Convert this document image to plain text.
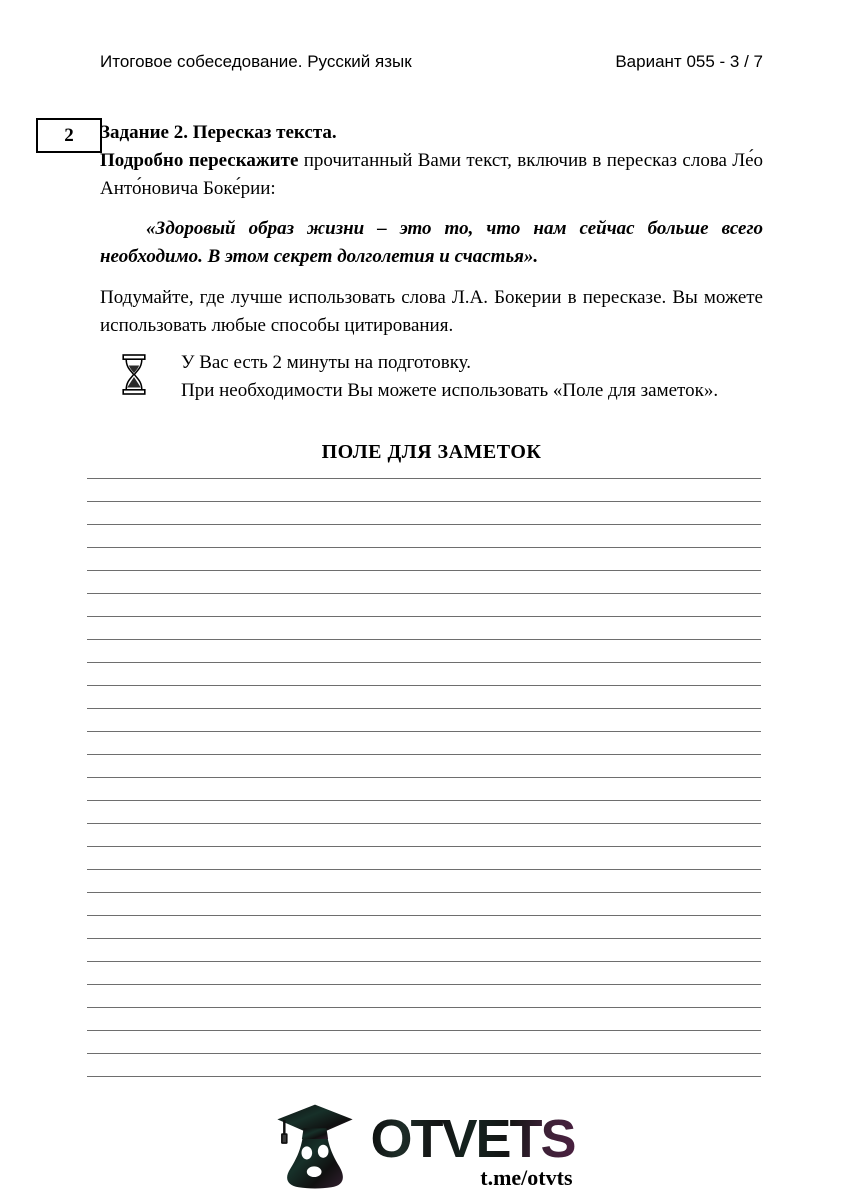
Итоговое собеседование. Русский язык	Вариант 055 - 3 / 7
2 Задание 2. Пересказ текста.

Подробно перескажите прочитанный Вами текст, включив в пересказ слова Ле́о Анто́новича Боке́рии:

«Здоровый образ жизни – это то, что нам сейчас больше всего необходимо. В этом секрет долголетия и счастья».

Подумайте, где лучше использовать слова Л.А. Бокерии в пересказе. Вы можете использовать любые способы цитирования.

У Вас есть 2 минуты на подготовку.

При необходимости Вы можете использовать «Поле для заметок».

ПОЛЕ ДЛЯ ЗАМЕТОК

OTVETS
t.me/otvts
